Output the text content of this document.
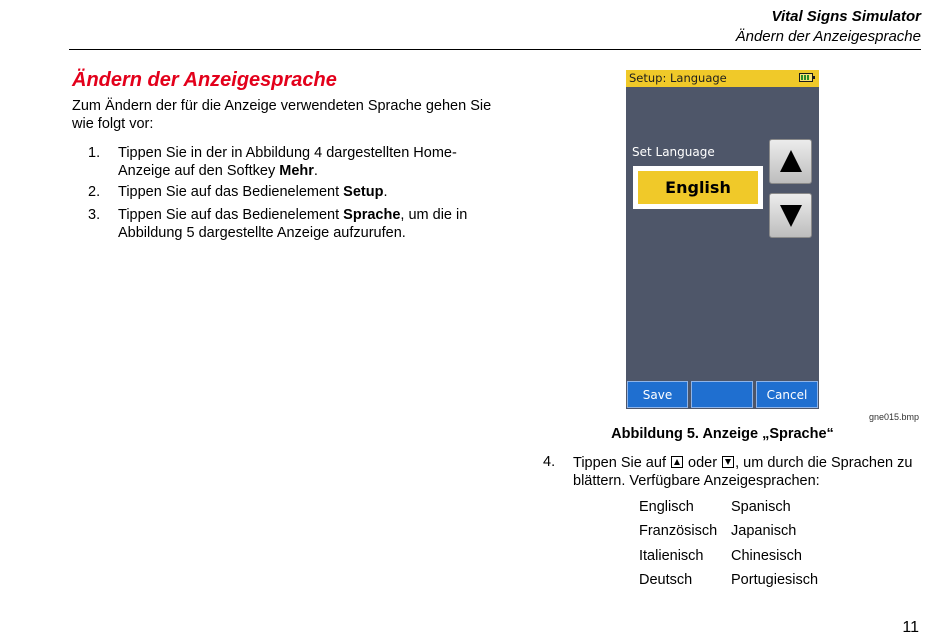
Vital Signs Simulator
Ändern der Anzeigesprache
Ändern der Anzeigesprache
Zum Ändern der für die Anzeige verwendeten Sprache gehen Sie wie folgt vor:
1. Tippen Sie in der in Abbildung 4 dargestellten Home-Anzeige auf den Softkey Mehr.
2. Tippen Sie auf das Bedienelement Setup.
3. Tippen Sie auf das Bedienelement Sprache, um die in Abbildung 5 dargestellte Anzeige aufzurufen.
Setup: Language
Set Language
English
Save	Cancel
gne015.bmp
Abbildung 5. Anzeige „Sprache“
4. Tippen Sie auf  oder , um durch die Sprachen zu blättern. Verfügbare Anzeigesprachen:
Englisch	Spanisch
Französisch Japanisch
Italienisch Chinesisch
Deutsch	Portugiesisch
11
